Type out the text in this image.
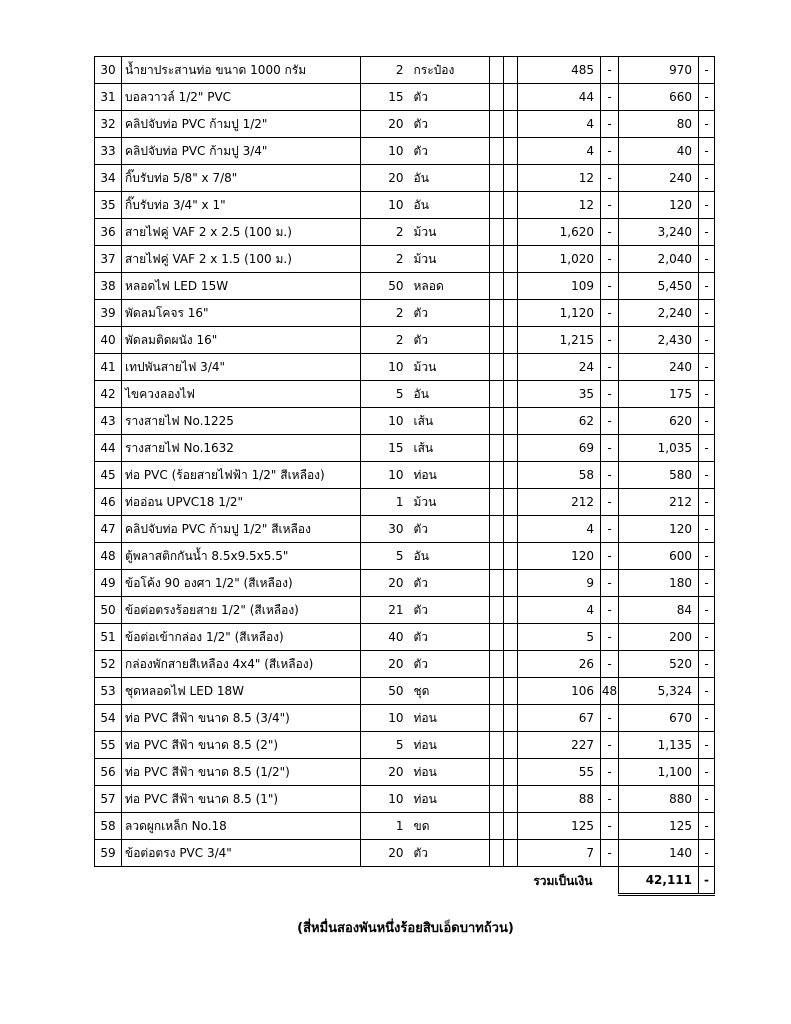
30	น้ำยาประสานท่อ ขนาด 1000 กรัม	2	กระป๋อง			485	-	970	-
31	บอลวาวล์ 1/2" PVC	15	ตัว			44	-	660	-
32	คลิปจับท่อ PVC ก้ามปู 1/2"	20	ตัว			4	-	80	-
33	คลิปจับท่อ PVC ก้ามปู 3/4"	10	ตัว			4	-	40	-
34	กิ๊บรับท่อ 5/8" x 7/8"	20	อัน			12	-	240	-
35	กิ๊บรับท่อ 3/4" x 1"	10	อัน			12	-	120	-
36	สายไฟคู่ VAF 2 x 2.5 (100 ม.)	2	ม้วน			1,620	-	3,240	-
37	สายไฟคู่ VAF 2 x 1.5 (100 ม.)	2	ม้วน			1,020	-	2,040	-
38	หลอดไฟ LED 15W	50	หลอด			109	-	5,450	-
39	พัดลมโคจร 16"	2	ตัว			1,120	-	2,240	-
40	พัดลมติดผนัง 16"	2	ตัว			1,215	-	2,430	-
41	เทปพันสายไฟ 3/4"	10	ม้วน			24	-	240	-
42	ไขควงลองไฟ	5	อัน			35	-	175	-
43	รางสายไฟ No.1225	10	เส้น			62	-	620	-
44	รางสายไฟ No.1632	15	เส้น			69	-	1,035	-
45	ท่อ PVC (ร้อยสายไฟฟ้า 1/2" สีเหลือง)	10	ท่อน			58	-	580	-
46	ท่ออ่อน UPVC18 1/2"	1	ม้วน			212	-	212	-
47	คลิปจับท่อ PVC ก้ามปู 1/2" สีเหลือง	30	ตัว			4	-	120	-
48	ตู้พลาสติกกันน้ำ 8.5x9.5x5.5"	5	อัน			120	-	600	-
49	ข้อโค้ง 90 องศา 1/2" (สีเหลือง)	20	ตัว			9	-	180	-
50	ข้อต่อตรงร้อยสาย 1/2" (สีเหลือง)	21	ตัว			4	-	84	-
51	ข้อต่อเข้ากล่อง 1/2" (สีเหลือง)	40	ตัว			5	-	200	-
52	กล่องพักสายสีเหลือง 4x4" (สีเหลือง)	20	ตัว			26	-	520	-
53	ชุดหลอดไฟ LED 18W	50	ชุด			106	48	5,324	-
54	ท่อ PVC สีฟ้า ขนาด 8.5 (3/4")	10	ท่อน			67	-	670	-
55	ท่อ PVC สีฟ้า ขนาด 8.5 (2")	5	ท่อน			227	-	1,135	-
56	ท่อ PVC สีฟ้า ขนาด 8.5 (1/2")	20	ท่อน			55	-	1,100	-
57	ท่อ PVC สีฟ้า ขนาด 8.5 (1")	10	ท่อน			88	-	880	-
58	ลวดผูกเหล็ก No.18	1	ขด			125	-	125	-
59	ข้อต่อตรง PVC 3/4"	20	ตัว			7	-	140	-
รวมเป็นเงิน								42,111	-
(สี่หมื่นสองพันหนึ่งร้อยสิบเอ็ดบาทถ้วน)
